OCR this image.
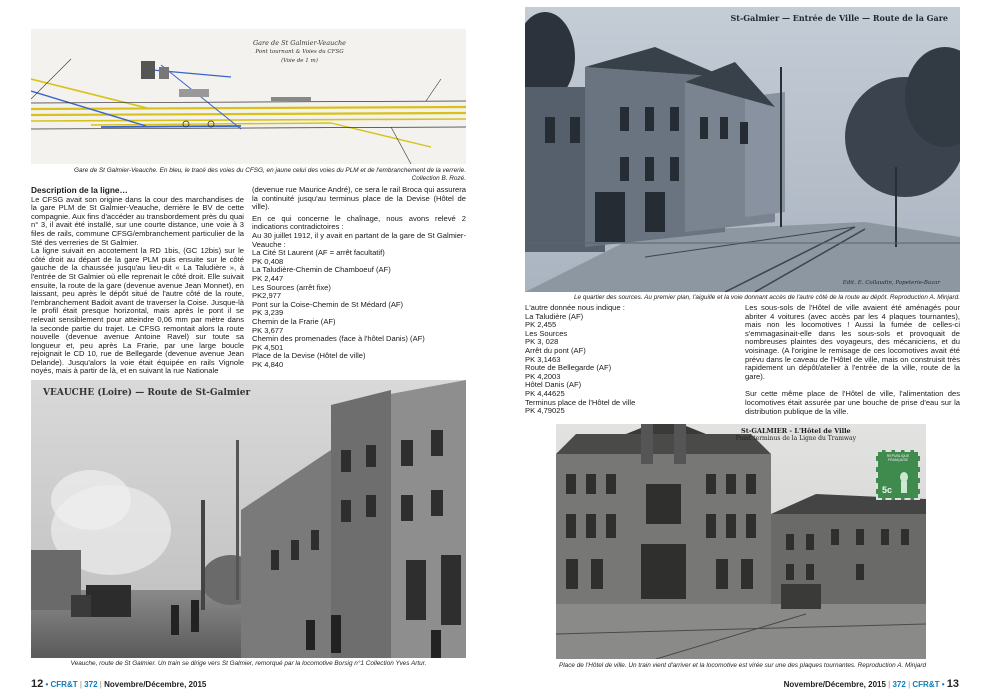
Gare de St Galmier-Veauche
Pont tournant & Voies du CFSG
(Voie de 1 m)
Gare de St Galmier-Veauche. En bleu, le tracé des voies du CFSG, en jaune celui des voies du PLM et de l'embranchement de la verrerie.
Collection B. Rozé.

Description de la ligne…

Le CFSG avait son origine dans la cour des marchandises de la gare PLM de St Galmier-Veauche, derrière le BV de cette compagnie. Aux fins d'accéder au transbordement près du quai n° 3, il avait été installé, sur une courte distance, une voie à 3 files de rails, commune CFSG/embranchement particulier de la Sté des verreries de St Galmier.
La ligne suivait en accotement la RD 1bis, (GC 12bis) sur le côté droit au départ de la gare PLM puis ensuite sur le côté gauche de la chaussée jusqu'au lieu-dit « La Taludière », à l'entrée de St Galmier où elle reprenait le côté droit. Elle suivait ensuite, la route de la gare (devenue avenue Jean Monnet), en laissant, peu après le dépôt situé de l'autre côté de la route, l'embranchement Badoit avant de traverser la Coise. Jusque-là le profil était presque horizontal, mais après le pont il se relevait sensiblement pour atteindre 0,06 mm par mètre dans la seconde partie du trajet. Le CFSG remontait alors la route nouvelle (devenue avenue Antoine Ravel) sur toute sa longueur et, peu après La Frarie, par une large boucle rejoignait le CD 10, rue de Bellegarde (devenue avenue Jean Delande). Jusqu'alors la voie était équipée en rails Vignole noyés, mais à partir de là, et en suivant la rue Nationale

(devenue rue Maurice André), ce sera le rail Broca qui assurera la continuité jusqu'au terminus place de la Devise (Hôtel de ville).

En ce qui concerne le chaînage, nous avons relevé 2 indications contradictoires :

Au 30 juillet 1912, il y avait en partant de la gare de St Galmier-Veauche :

La Cité St Laurent (AF = arrêt facultatif)
PK 0,408
La Taludière-Chemin de Chamboeuf (AF)
PK 2,447
Les Sources (arrêt fixe)
PK2,977
Pont sur la Coise-Chemin de St Médard (AF)
PK 3,239
Chemin de la Frarie (AF)
PK 3,677
Chemin des promenades (face à l'hôtel Danis) (AF)
PK 4,501
Place de la Devise (Hôtel de ville)
PK 4,840
VEAUCHE (Loire) — Route de St-Galmier
Veauche, route de St Galmier. Un train se dirige vers St Galmier, remorqué par la locomotive Borsig n°1 Collection Yves Artur.
12 • CFR&T | 372 | Novembre/Décembre, 2015
St-Galmier — Entrée de Ville — Route de la Gare
Edit. E. Collaudin, Papeterie-Bazar
Le quartier des sources. Au premier plan, l'aiguille et la voie donnant accès de l'autre côté de la route au dépôt. Reproduction A. Minjard.

L'autre donnée nous indique :

La Taludière (AF)
PK 2,455
Les Sources
PK 3, 028
Arrêt du pont (AF)
PK 3,1463
Route de Bellegarde (AF)
PK 4,2003
Hôtel Danis (AF)
PK 4,44625
Terminus place de l'Hôtel de ville
PK 4,79025

Les sous-sols de l'Hôtel de ville avaient été aménagés pour abriter 4 voitures (avec accès par les 4 plaques tournantes), mais non les locomotives ! Aussi la fumée de celles-ci s'emmagasinait-elle dans les sous-sols et provoquait de nombreuses plaintes des voyageurs, des mécaniciens, et du voisinage. (A l'origine le remisage de ces locomotives avait été prévu dans le caveau de l'Hôtel de ville, mais on construisit très rapidement un dépôt/atelier à l'entrée de la ville, route de la gare).

Sur cette même place de l'Hôtel de ville, l'alimentation des locomotives était assurée par une bouche de prise d'eau sur la distribution publique de la ville.

St-GALMIER - L'Hôtel de Ville
Point terminus de la Ligne du Tramway
REPUBLIQUE FRANÇAISE
5c
Place de l'Hôtel de ville. Un train vient d'arriver et la locomotive est virée sur une des plaques tournantes. Reproduction A. Minjard
Novembre/Décembre, 2015 | 372 | CFR&T • 13
